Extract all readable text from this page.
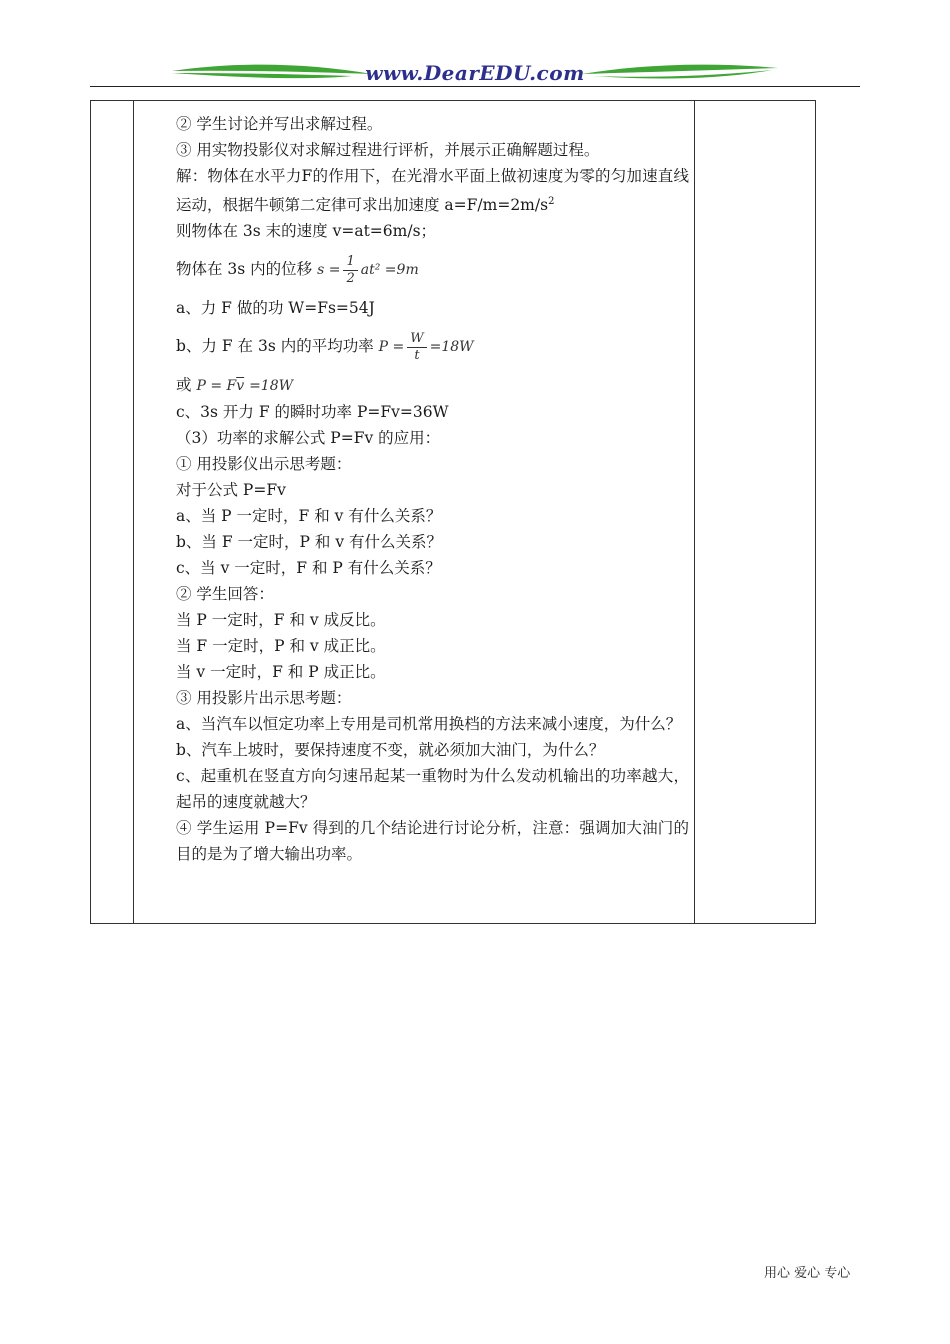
www.DearEDU.com

② 学生讨论并写出求解过程。

③ 用实物投影仪对求解过程进行评析，并展示正确解题过程。

解：物体在水平力F的作用下，在光滑水平面上做初速度为零的匀加速直线运动，根据牛顿第二定律可求出加速度 $a=F/m=2m/s^2$

则物体在 3s 末的速度 v=at=6m/s；

物体在 3s 内的位移 $s = \frac{1}{2} at^2 =9m$

a、力 F 做的功 W=Fs=54J

b、力 F 在 3s 内的平均功率 $P = \frac{W}{t} =18W$

或 $P = F\overline{v} =18W$

c、3s 开力 F 的瞬时功率 P=Fv=36W

（3）功率的求解公式 P=Fv 的应用：

① 用投影仪出示思考题：

对于公式 P=Fv

a、当 P 一定时，F 和 v 有什么关系？

b、当 F 一定时，P 和 v 有什么关系？

c、当 v 一定时，F 和 P 有什么关系？

② 学生回答：

当 P 一定时，F 和 v 成反比。

当 F 一定时，P 和 v 成正比。

当 v 一定时，F 和 P 成正比。

③ 用投影片出示思考题：

a、当汽车以恒定功率上专用是司机常用换档的方法来减小速度，为什么？

b、汽车上坡时，要保持速度不变，就必须加大油门，为什么？

c、起重机在竖直方向匀速吊起某一重物时为什么发动机输出的功率越大，起吊的速度就越大？

④ 学生运用 P=Fv 得到的几个结论进行讨论分析，注意：强调加大油门的目的是为了增大输出功率。

用心 爱心 专心
